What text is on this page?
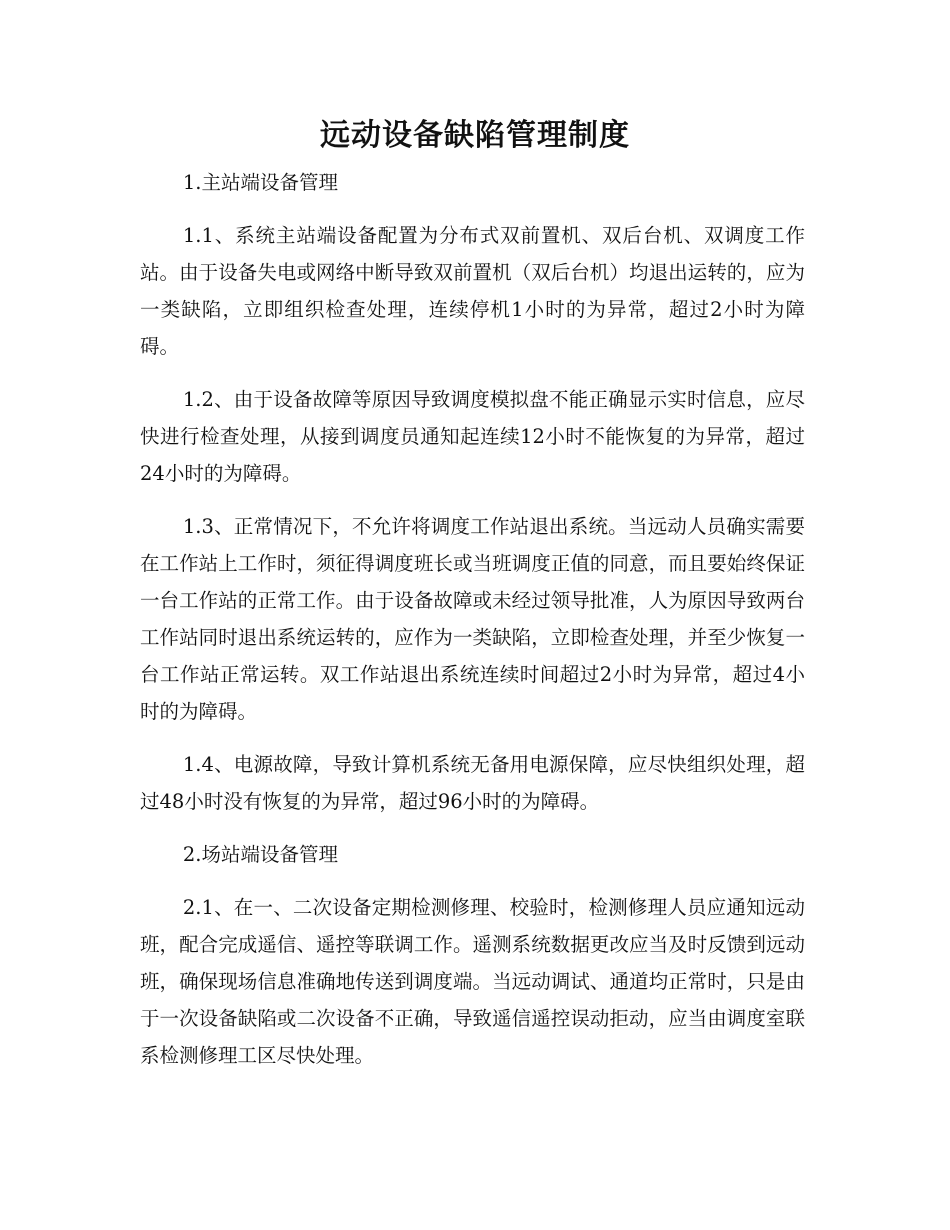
远动设备缺陷管理制度

1.主站端设备管理

1.1、系统主站端设备配置为分布式双前置机、双后台机、双调度工作站。由于设备失电或网络中断导致双前置机（双后台机）均退出运转的，应为一类缺陷，立即组织检查处理，连续停机1小时的为异常，超过2小时为障碍。

1.2、由于设备故障等原因导致调度模拟盘不能正确显示实时信息，应尽快进行检查处理，从接到调度员通知起连续12小时不能恢复的为异常，超过24小时的为障碍。

1.3、正常情况下，不允许将调度工作站退出系统。当远动人员确实需要在工作站上工作时，须征得调度班长或当班调度正值的同意，而且要始终保证一台工作站的正常工作。由于设备故障或未经过领导批准，人为原因导致两台工作站同时退出系统运转的，应作为一类缺陷，立即检查处理，并至少恢复一台工作站正常运转。双工作站退出系统连续时间超过2小时为异常，超过4小时的为障碍。

1.4、电源故障，导致计算机系统无备用电源保障，应尽快组织处理，超过48小时没有恢复的为异常，超过96小时的为障碍。

2.场站端设备管理

2.1、在一、二次设备定期检测修理、校验时，检测修理人员应通知远动班，配合完成遥信、遥控等联调工作。遥测系统数据更改应当及时反馈到远动班，确保现场信息准确地传送到调度端。当远动调试、通道均正常时，只是由于一次设备缺陷或二次设备不正确，导致遥信遥控误动拒动，应当由调度室联系检测修理工区尽快处理。
